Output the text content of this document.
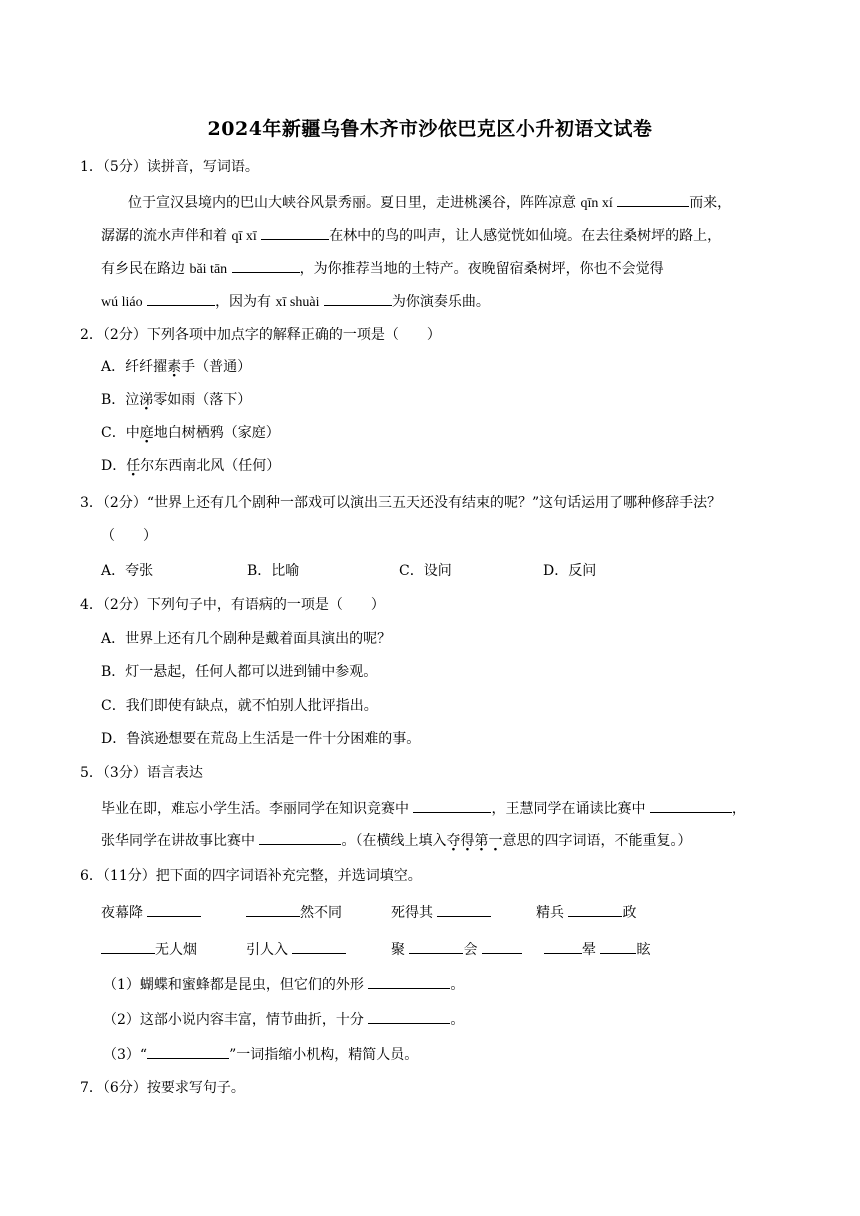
2024年新疆乌鲁木齐市沙依巴克区小升初语文试卷
1．（5分）读拼音，写词语。
位于宣汉县境内的巴山大峡谷风景秀丽。夏日里，走进桃溪谷，阵阵凉意 qīn xí	而来，
潺潺的流水声伴和着 qī xī	在林中的鸟的叫声，让人感觉恍如仙境。在去往桑树坪的路上，
有乡民在路边 bǎi tān	，为你推荐当地的土特产。夜晚留宿桑树坪，你也不会觉得
wú liáo	，因为有 xī shuài	为你演奏乐曲。
2．（2分）下列各项中加点字的解释正确的一项是（　　）
A．纤纤擢素手（普通）
B．泣涕零如雨（落下）
C．中庭地白树栖鸦（家庭）
D．任尔东西南北风（任何）
3．（2分）“世界上还有几个剧种一部戏可以演出三五天还没有结束的呢？”这句话运用了哪种修辞手法？
（　　）
A．夸张	B．比喻	C．设问	D．反问
4．（2分）下列句子中，有语病的一项是（　　）
A．世界上还有几个剧种是戴着面具演出的呢？
B．灯一悬起，任何人都可以进到铺中参观。
C．我们即使有缺点，就不怕别人批评指出。
D．鲁滨逊想要在荒岛上生活是一件十分困难的事。
5．（3分）语言表达
毕业在即，难忘小学生活。李丽同学在知识竞赛中	，王慧同学在诵读比赛中	，
张华同学在讲故事比赛中	。（在横线上填入夺得第一意思的四字词语，不能重复。）
6．（11分）把下面的四字词语补充完整，并选词填空。
夜幕降	然不同	死得其	精兵	政
无人烟	引人入	聚	会	晕	眩
（1）蝴蝶和蜜蜂都是昆虫，但它们的外形	。
（2）这部小说内容丰富，情节曲折，十分	。
（3）“	”一词指缩小机构，精简人员。
7．（6分）按要求写句子。
